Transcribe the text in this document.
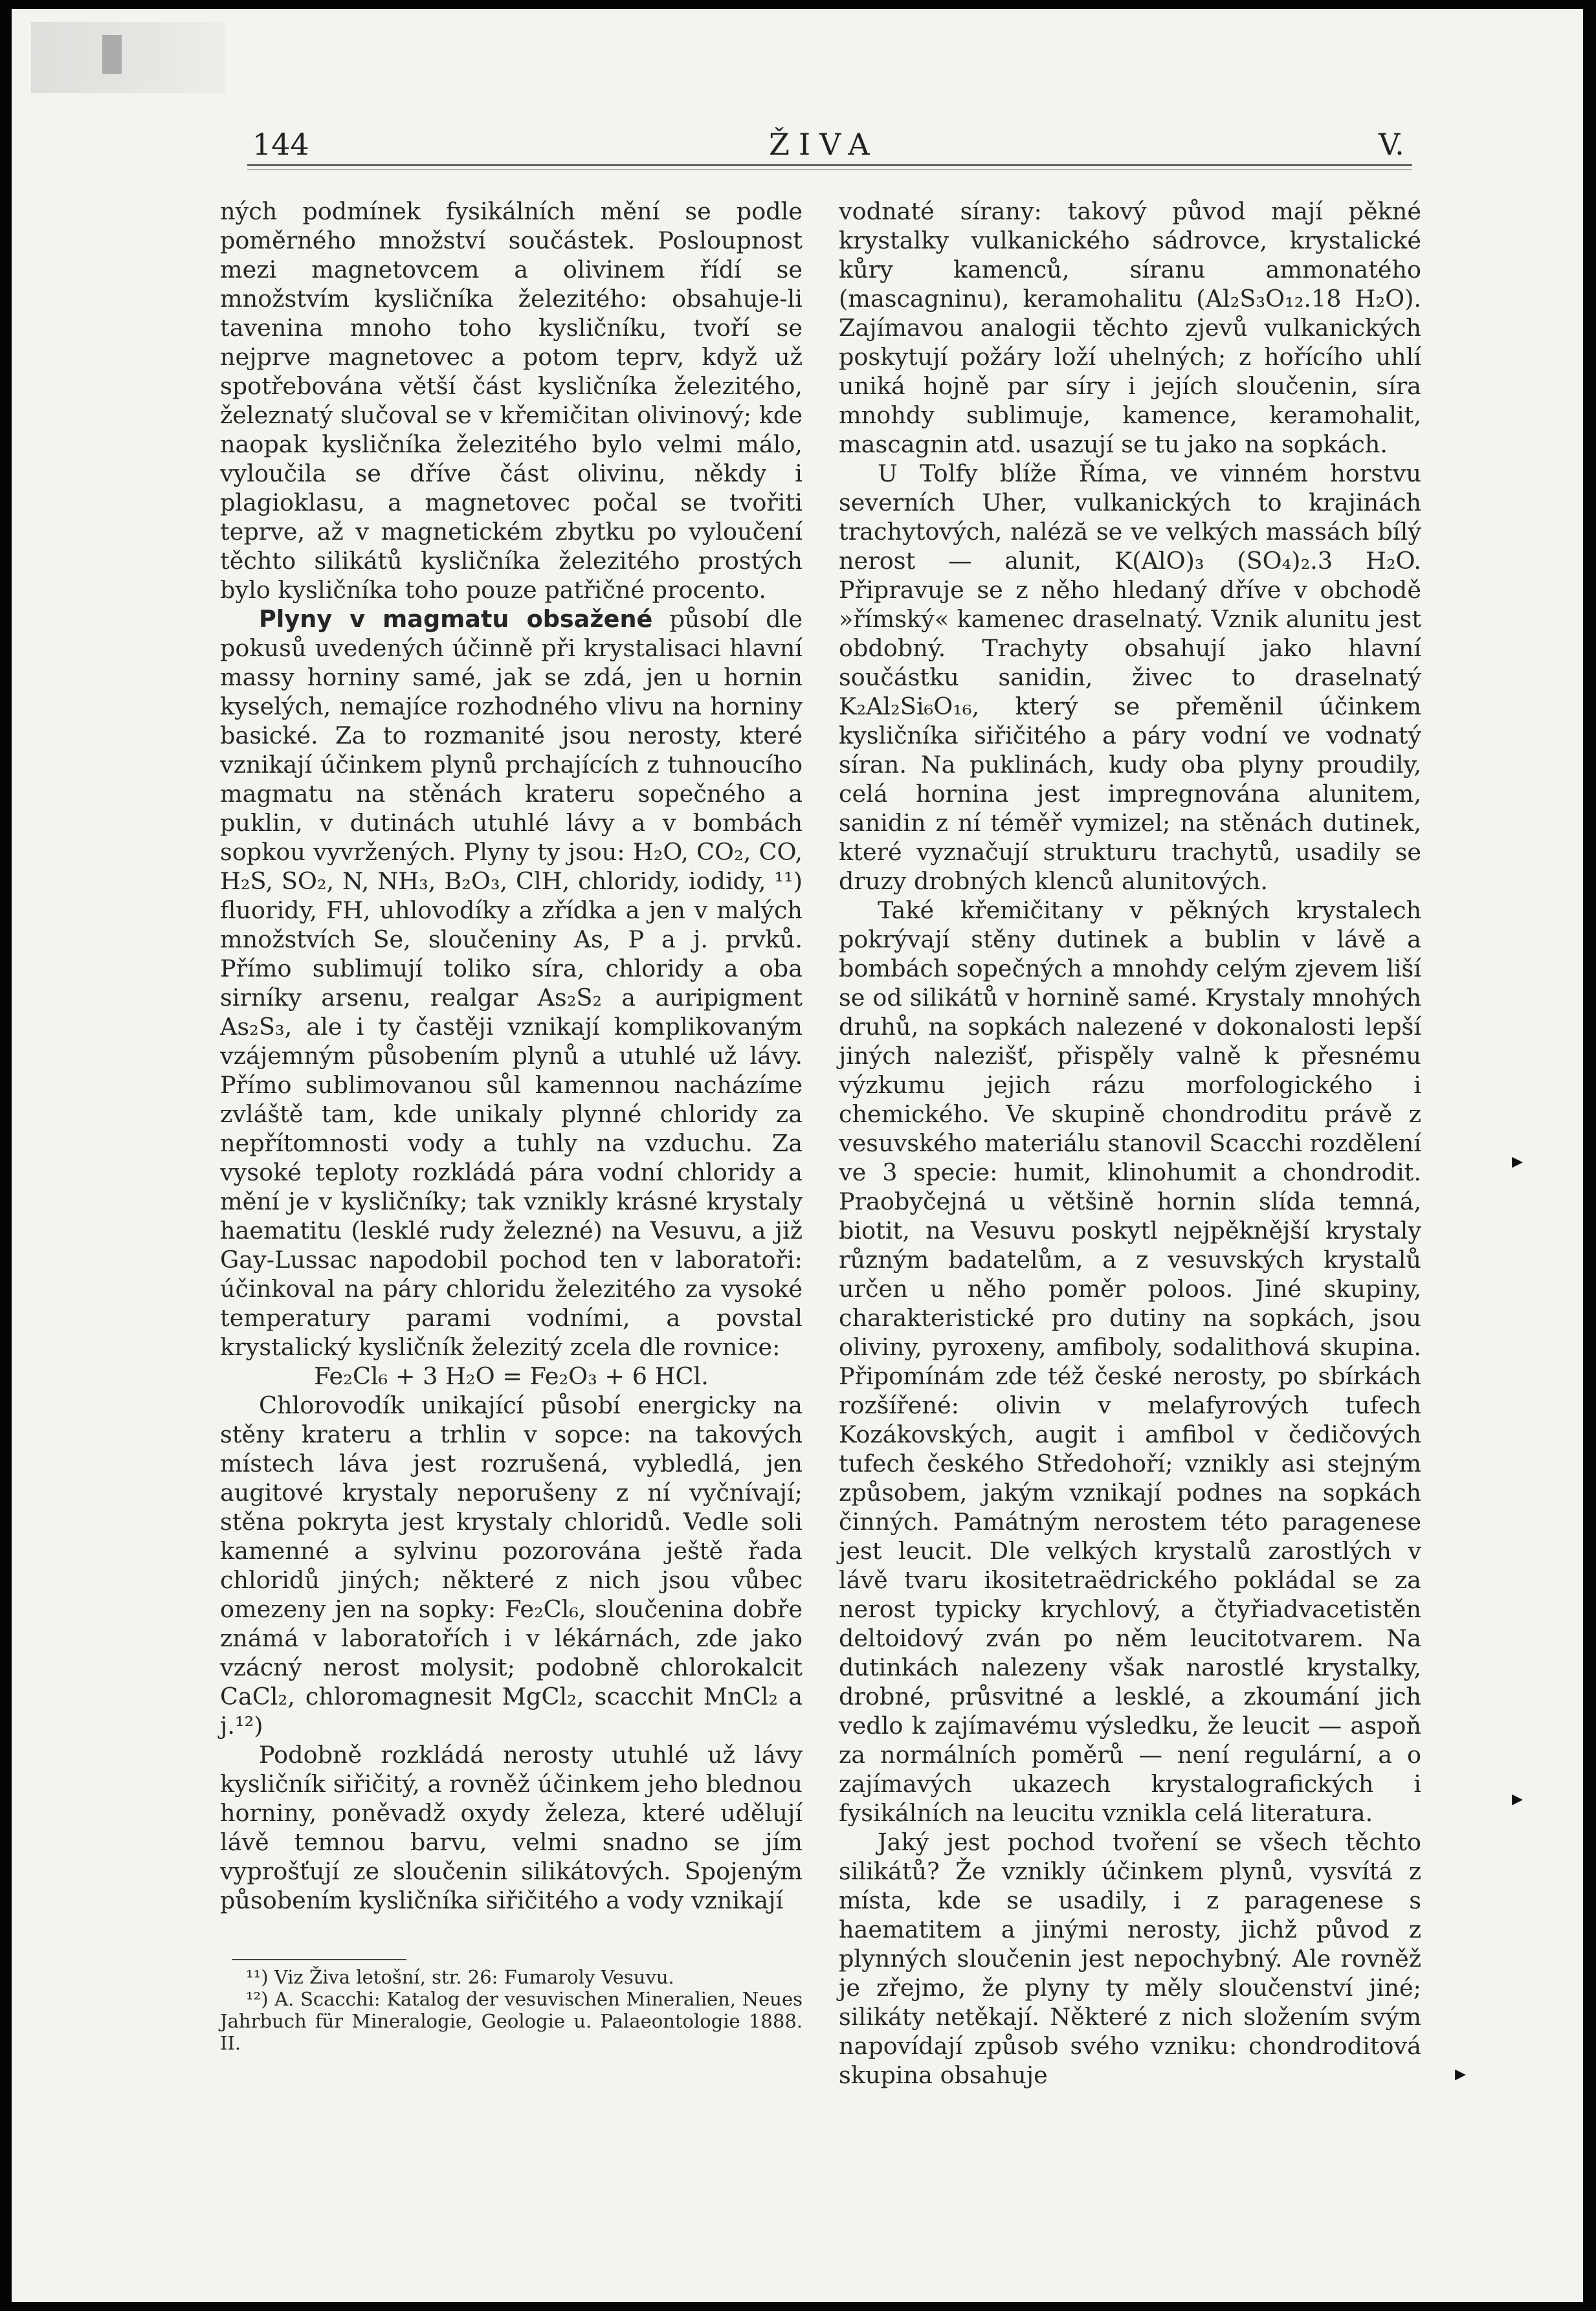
144	ŽIVA	V.

ných podmínek fysikálních mění se podle poměrného množství součástek. Posloupnost mezi magnetovcem a olivinem řídí se množstvím kysličníka železitého: obsahuje-li tavenina mnoho toho kysličníku, tvoří se nejprve magnetovec a potom teprv, když už spotřebována větší část kysličníka železitého, železnatý slučoval se v křemičitan olivinový; kde naopak kysličníka železitého bylo velmi málo, vyloučila se dříve část olivinu, někdy i plagioklasu, a magnetovec počal se tvořiti teprve, až v magnetickém zbytku po vyloučení těchto silikátů kysličníka železitého prostých bylo kysličníka toho pouze patřičné procento.

Plyny v magmatu obsažené působí dle pokusů uvedených účinně při krystalisaci hlavní massy horniny samé, jak se zdá, jen u hornin kyselých, nemajíce rozhodného vlivu na horniny basické. Za to rozmanité jsou nerosty, které vznikají účinkem plynů prchajících z tuhnoucího magmatu na stěnách krateru sopečného a puklin, v dutinách utuhlé lávy a v bombách sopkou vyvržených. Plyny ty jsou: H₂O, CO₂, CO, H₂S, SO₂, N, NH₃, B₂O₃, ClH, chloridy, iodidy, ¹¹) fluoridy, FH, uhlovodíky a zřídka a jen v malých množstvích Se, sloučeniny As, P a j. prvků. Přímo sublimují toliko síra, chloridy a oba sirníky arsenu, realgar As₂S₂ a auripigment As₂S₃, ale i ty častěji vznikají komplikovaným vzájemným působením plynů a utuhlé už lávy. Přímo sublimovanou sůl kamennou nacházíme zvláště tam, kde unikaly plynné chloridy za nepřítomnosti vody a tuhly na vzduchu. Za vysoké teploty rozkládá pára vodní chloridy a mění je v kysličníky; tak vznikly krásné krystaly haematitu (lesklé rudy železné) na Vesuvu, a již Gay-Lussac napodobil pochod ten v laboratoři: účinkoval na páry chloridu železitého za vysoké temperatury parami vodními, a povstal krystalický kysličník železitý zcela dle rovnice:

Fe₂Cl₆ + 3 H₂O = Fe₂O₃ + 6 HCl.

Chlorovodík unikající působí energicky na stěny krateru a trhlin v sopce: na takových místech láva jest rozrušená, vybledlá, jen augitové krystaly neporušeny z ní vyčnívají; stěna pokryta jest krystaly chloridů. Vedle soli kamenné a sylvinu pozorována ještě řada chloridů jiných; některé z nich jsou vůbec omezeny jen na sopky: Fe₂Cl₆, sloučenina dobře známá v laboratořích i v lékárnách, zde jako vzácný nerost molysit; podobně chlorokalcit CaCl₂, chloromagnesit MgCl₂, scacchit MnCl₂ a j.¹²)

Podobně rozkládá nerosty utuhlé už lávy kysličník siřičitý, a rovněž účinkem jeho blednou horniny, poněvadž oxydy železa, které udělují lávě temnou barvu, velmi snadno se jím vyprošťují ze sloučenin silikátových. Spojeným působením kysličníka siřičitého a vody vznikají

¹¹) Viz Živa letošní, str. 26: Fumaroly Vesuvu.

¹²) A. Scacchi: Katalog der vesuvischen Mineralien, Neues Jahrbuch für Mineralogie, Geologie u. Palaeontologie 1888. II.

vodnaté sírany: takový původ mají pěkné krystalky vulkanického sádrovce, krystalické kůry kamenců, síranu ammonatého (mascagninu), keramohalitu (Al₂S₃O₁₂.18 H₂O). Zajímavou analogii těchto zjevů vulkanických poskytují požáry loží uhelných; z hořícího uhlí uniká hojně par síry i jejích sloučenin, síra mnohdy sublimuje, kamence, keramohalit, mascagnin atd. usazují se tu jako na sopkách.

U Tolfy blíže Říma, ve vinném horstvu severních Uher, vulkanických to krajinách trachytových, naléză se ve velkých massách bílý nerost — alunit, K(AlO)₃ (SO₄)₂.3 H₂O. Připravuje se z něho hledaný dříve v obchodě »římský« kamenec draselnatý. Vznik alunitu jest obdobný. Trachyty obsahují jako hlavní součástku sanidin, živec to draselnatý K₂Al₂Si₆O₁₆, který se přeměnil účinkem kysličníka siřičitého a páry vodní ve vodnatý síran. Na puklinách, kudy oba plyny proudily, celá hornina jest impregnována alunitem, sanidin z ní téměř vymizel; na stěnách dutinek, které vyznačují strukturu trachytů, usadily se druzy drobných klenců alunitových.

Také křemičitany v pěkných krystalech pokrývají stěny dutinek a bublin v lávě a bombách sopečných a mnohdy celým zjevem liší se od silikátů v hornině samé. Krystaly mnohých druhů, na sopkách nalezené v dokonalosti lepší jiných nalezišť, přispěly valně k přesnému výzkumu jejich rázu morfologického i chemického. Ve skupině chondroditu právě z vesuvského materiálu stanovil Scacchi rozdělení ve 3 specie: humit, klinohumit a chondrodit. Praobyčejná u většině hornin slída temná, biotit, na Vesuvu poskytl nejpěknější krystaly různým badatelům, a z vesuvských krystalů určen u něho poměr poloos. Jiné skupiny, charakteristické pro dutiny na sopkách, jsou oliviny, pyroxeny, amfiboly, sodalithová skupina. Připomínám zde též české nerosty, po sbírkách rozšířené: olivin v melafyrových tufech Kozákovských, augit i amfibol v čedičových tufech českého Středohoří; vznikly asi stejným způsobem, jakým vznikají podnes na sopkách činných. Památným nerostem této paragenese jest leucit. Dle velkých krystalů zarostlých v lávě tvaru ikositetraëdrického pokládal se za nerost typicky krychlový, a čtyřiadvacetistěn deltoidový zván po něm leucitotvarem. Na dutinkách nalezeny však narostlé krystalky, drobné, průsvitné a lesklé, a zkoumání jich vedlo k zajímavému výsledku, že leucit — aspoň za normálních poměrů — není regulární, a o zajímavých ukazech krystalografických i fysikálních na leucitu vznikla celá literatura.

Jaký jest pochod tvoření se všech těchto silikátů? Že vznikly účinkem plynů, vysvítá z místa, kde se usadily, i z paragenese s haematitem a jinými nerosty, jichž původ z plynných sloučenin jest nepochybný. Ale rovněž je zřejmo, že plyny ty měly sloučenství jiné; silikáty netěkají. Některé z nich složením svým napovídají způsob svého vzniku: chondroditová skupina obsahuje

▸
▸
▸
